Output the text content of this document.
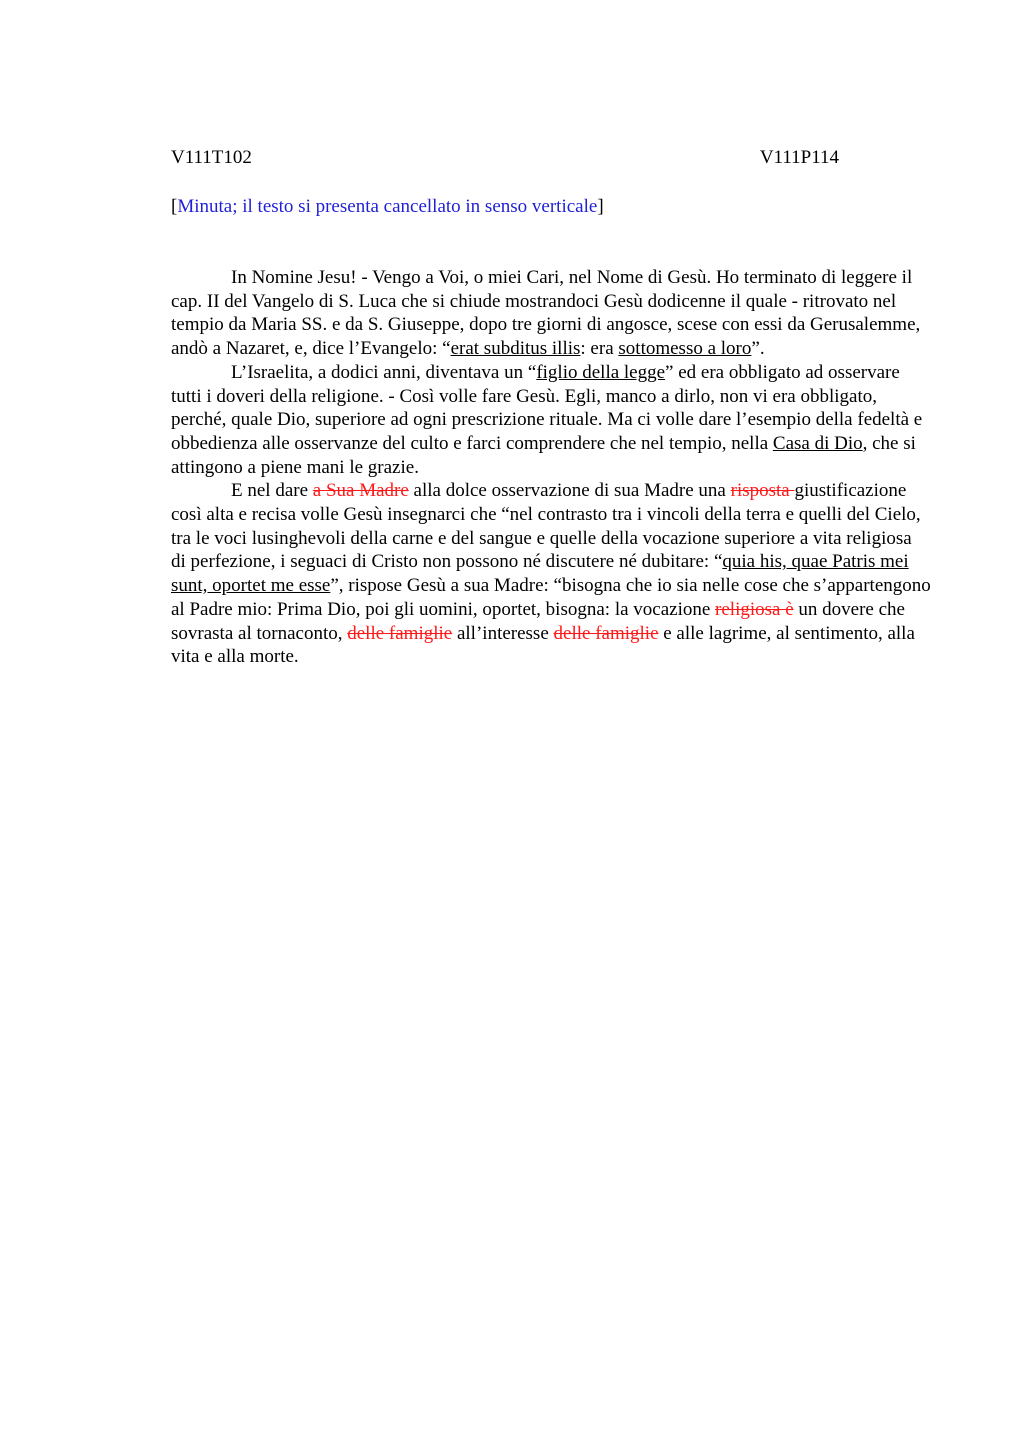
V111T102	V111P114
[Minuta; il testo si presenta cancellato in senso verticale]

In Nomine Jesu! - Vengo a Voi, o miei Cari, nel Nome di Gesù. Ho terminato di leggere il cap. II del Vangelo di S. Luca che si chiude mostrandoci Gesù dodicenne il quale - ritrovato nel tempio da Maria SS. e da S. Giuseppe, dopo tre giorni di angosce, scese con essi da Gerusalemme, andò a Nazaret, e, dice l’Evangelo: “erat subditus illis: era sottomesso a loro”.

L’Israelita, a dodici anni, diventava un “figlio della legge” ed era obbligato ad osservare tutti i doveri della religione. - Così volle fare Gesù. Egli, manco a dirlo, non vi era obbligato, perché, quale Dio, superiore ad ogni prescrizione rituale. Ma ci volle dare l’esempio della fedeltà e obbedienza alle osservanze del culto e farci comprendere che nel tempio, nella Casa di Dio, che si attingono a piene mani le grazie.

E nel dare a Sua Madre alla dolce osservazione di sua Madre una risposta giustificazione così alta e recisa volle Gesù insegnarci che “nel contrasto tra i vincoli della terra e quelli del Cielo, tra le voci lusinghevoli della carne e del sangue e quelle della vocazione superiore a vita religiosa di perfezione, i seguaci di Cristo non possono né discutere né dubitare: “quia his, quae Patris mei sunt, oportet me esse”, rispose Gesù a sua Madre: “bisogna che io sia nelle cose che s’appartengono al Padre mio: Prima Dio, poi gli uomini, oportet, bisogna: la vocazione religiosa è un dovere che sovrasta al tornaconto, delle famiglie all’interesse delle famiglie e alle lagrime, al sentimento, alla vita e alla morte.
